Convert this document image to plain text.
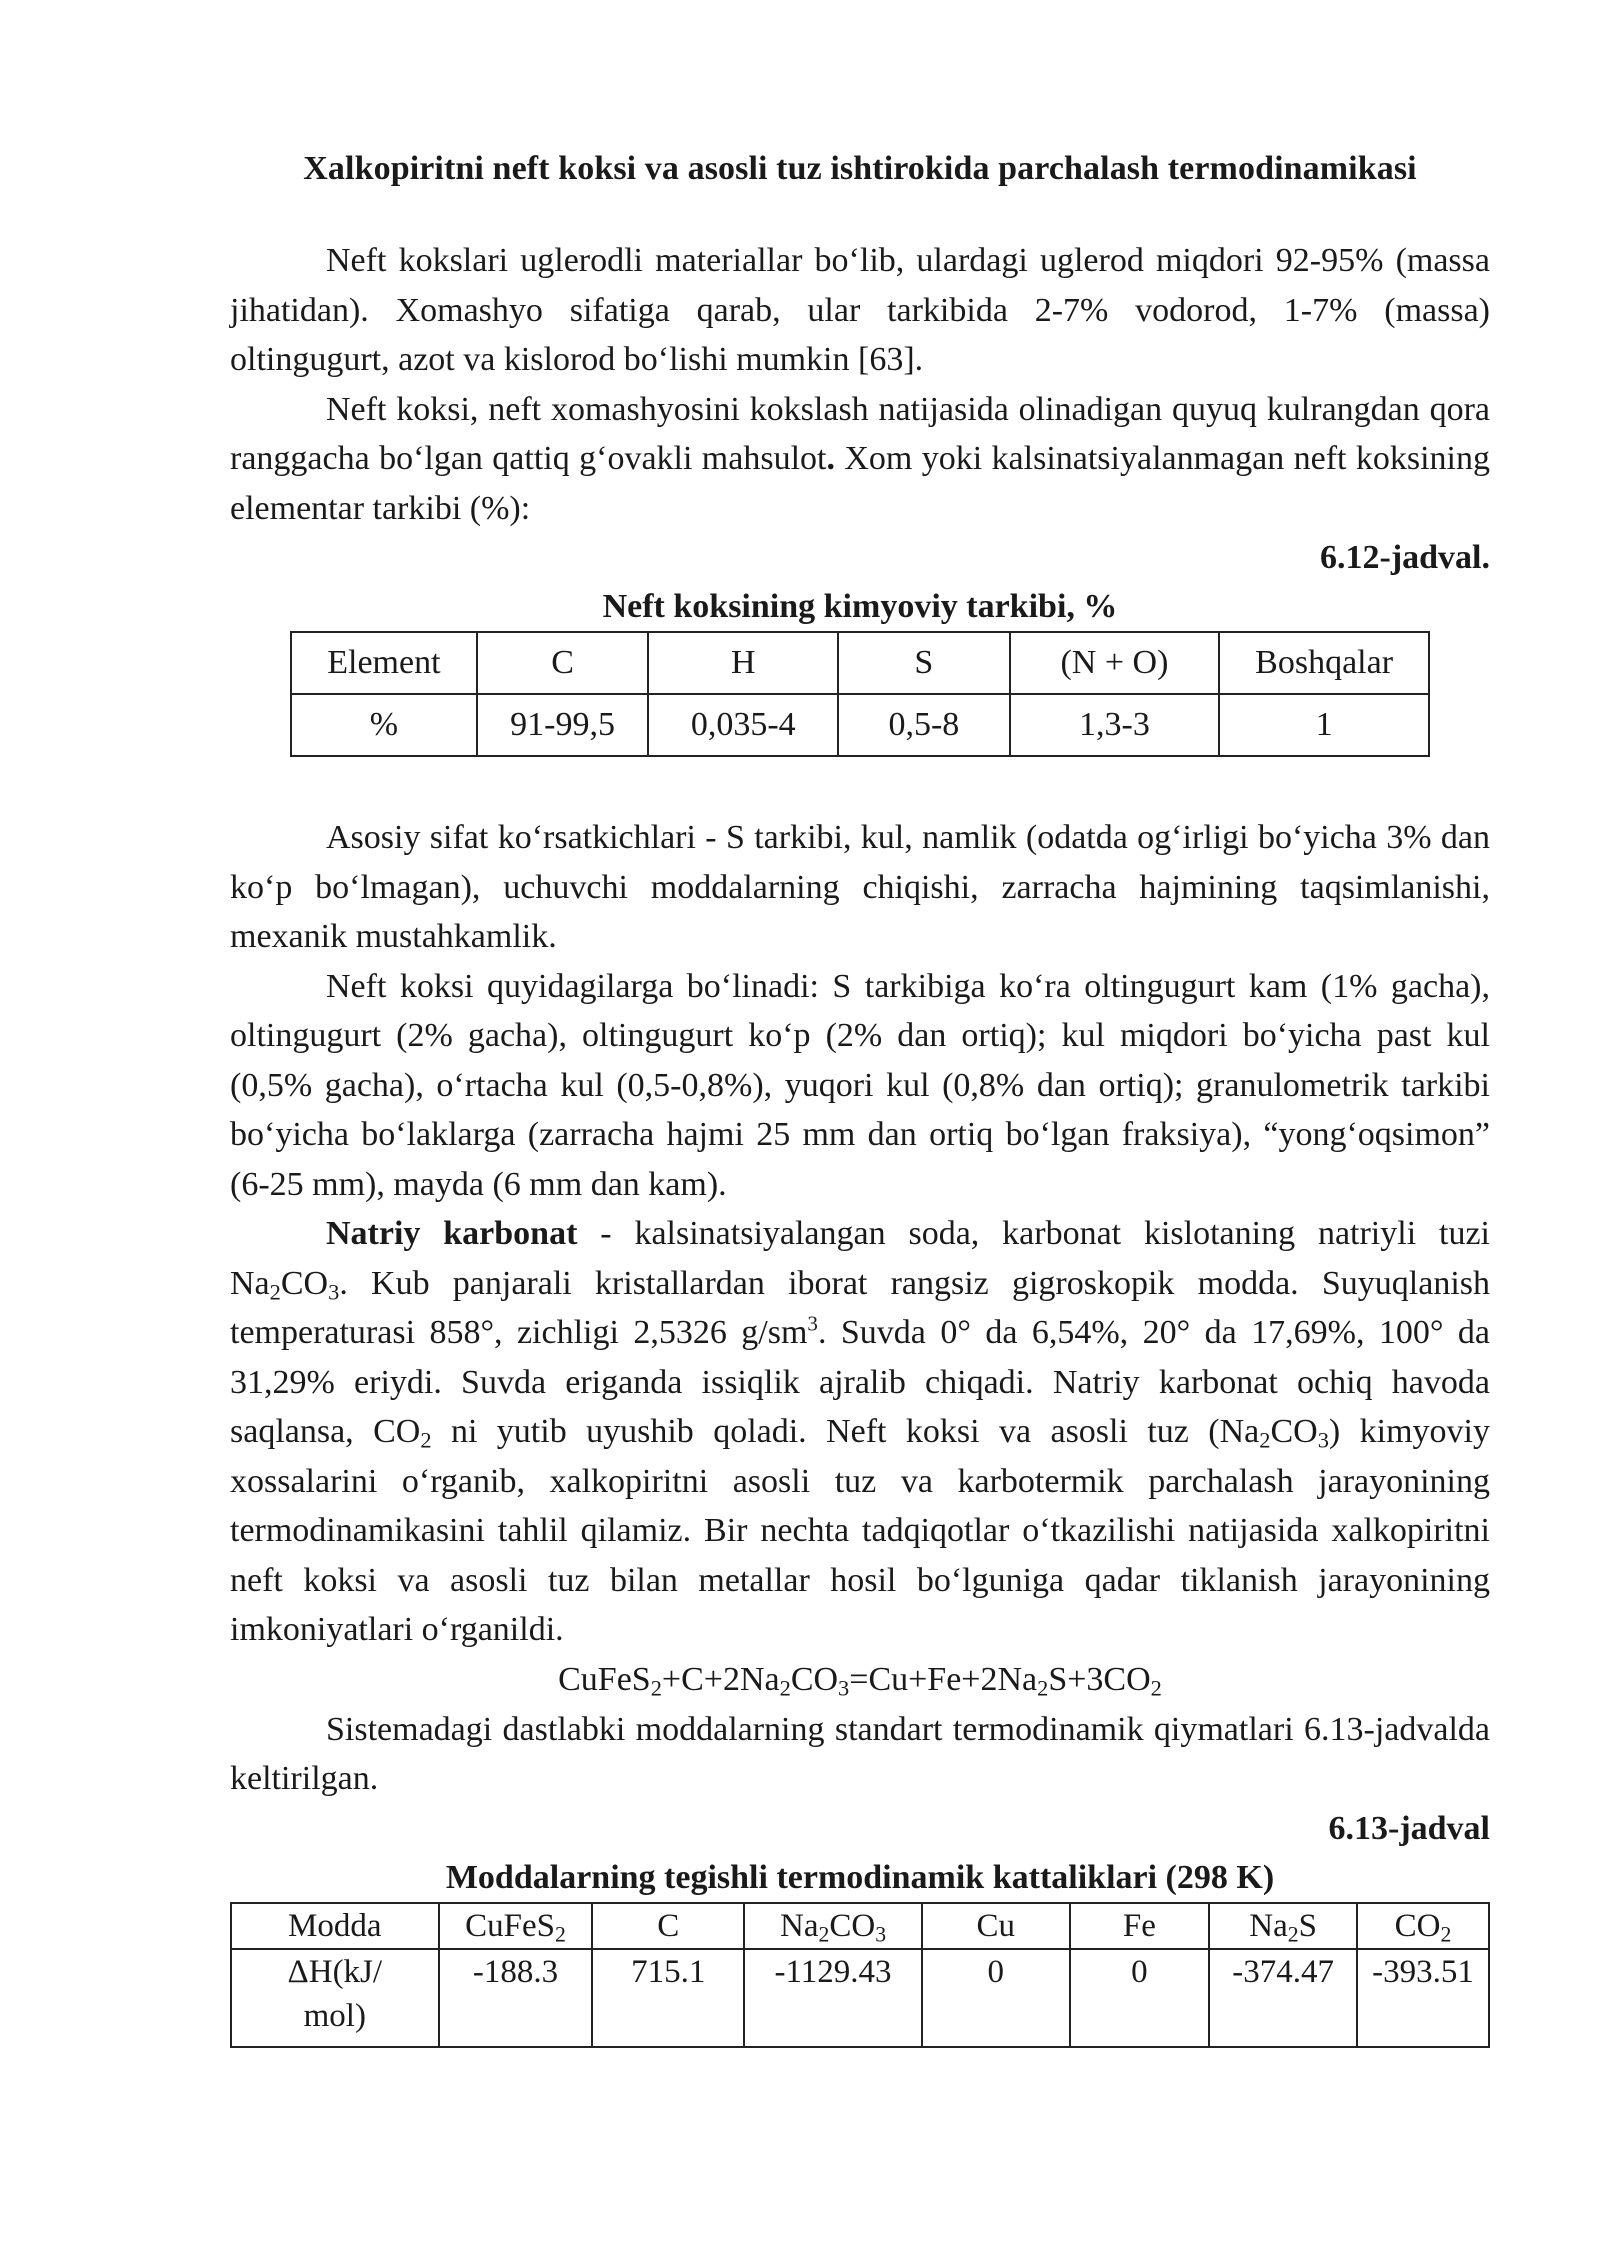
Xalkopiritni neft koksi va asosli tuz ishtirokida parchalash termodinamikasi

Neft kokslari uglerodli materiallar bo‘lib, ulardagi uglerod miqdori 92-95% (massa jihatidan). Xomashyo sifatiga qarab, ular tarkibida 2-7% vodorod, 1-7% (massa) oltingugurt, azot va kislorod bo‘lishi mumkin [63].

Neft koksi, neft xomashyosini kokslash natijasida olinadigan quyuq kulrangdan qora ranggacha bo‘lgan qattiq g‘ovakli mahsulot. Xom yoki kalsinatsiyalanmagan neft koksining elementar tarkibi (%):

6.12-jadval.

Neft koksining kimyoviy tarkibi, %

Element	C	H	S	(N + O)	Boshqalar
%	91-99,5	0,035-4	0,5-8	1,3-3	1

Asosiy sifat ko‘rsatkichlari - S tarkibi, kul, namlik (odatda og‘irligi bo‘yicha 3% dan ko‘p bo‘lmagan), uchuvchi moddalarning chiqishi, zarracha hajmining taqsimlanishi, mexanik mustahkamlik.

Neft koksi quyidagilarga bo‘linadi: S tarkibiga ko‘ra oltingugurt kam (1% gacha), oltingugurt (2% gacha), oltingugurt ko‘p (2% dan ortiq); kul miqdori bo‘yicha past kul (0,5% gacha), o‘rtacha kul (0,5-0,8%), yuqori kul (0,8% dan ortiq); granulometrik tarkibi bo‘yicha bo‘laklarga (zarracha hajmi 25 mm dan ortiq bo‘lgan fraksiya), “yong‘oqsimon” (6-25 mm), mayda (6 mm dan kam).

Natriy karbonat - kalsinatsiyalangan soda, karbonat kislotaning natriyli tuzi $Na_2CO_3$. Kub panjarali kristallardan iborat rangsiz gigroskopik modda. Suyuqlanish temperaturasi 858°, zichligi 2,5326 $g/sm^3$. Suvda 0° da 6,54%, 20° da 17,69%, 100° da 31,29% eriydi. Suvda eriganda issiqlik ajralib chiqadi. Natriy karbonat ochiq havoda saqlansa, $CO_2$ ni yutib uyushib qoladi. Neft koksi va asosli tuz $(Na_2CO_3)$ kimyoviy xossalarini o‘rganib, xalkopiritni asosli tuz va karbotermik parchalash jarayonining termodinamikasini tahlil qilamiz. Bir nechta tadqiqotlar o‘tkazilishi natijasida xalkopiritni neft koksi va asosli tuz bilan metallar hosil bo‘lguniga qadar tiklanish jarayonining imkoniyatlari o‘rganildi.

$CuFeS_2+C+2Na_2CO_3=Cu+Fe+2Na_2S+3CO_2$

Sistemadagi dastlabki moddalarning standart termodinamik qiymatlari 6.13-jadvalda keltirilgan.

6.13-jadval

Moddalarning tegishli termodinamik kattaliklari (298 K)

Modda	CuFeS$_2$	C	$Na_2CO_3$	Cu	Fe	$Na_2S$	$CO_2$
ΔH(kJ/
mol)	-188.3	715.1	-1129.43	0	0	-374.47	-393.51
